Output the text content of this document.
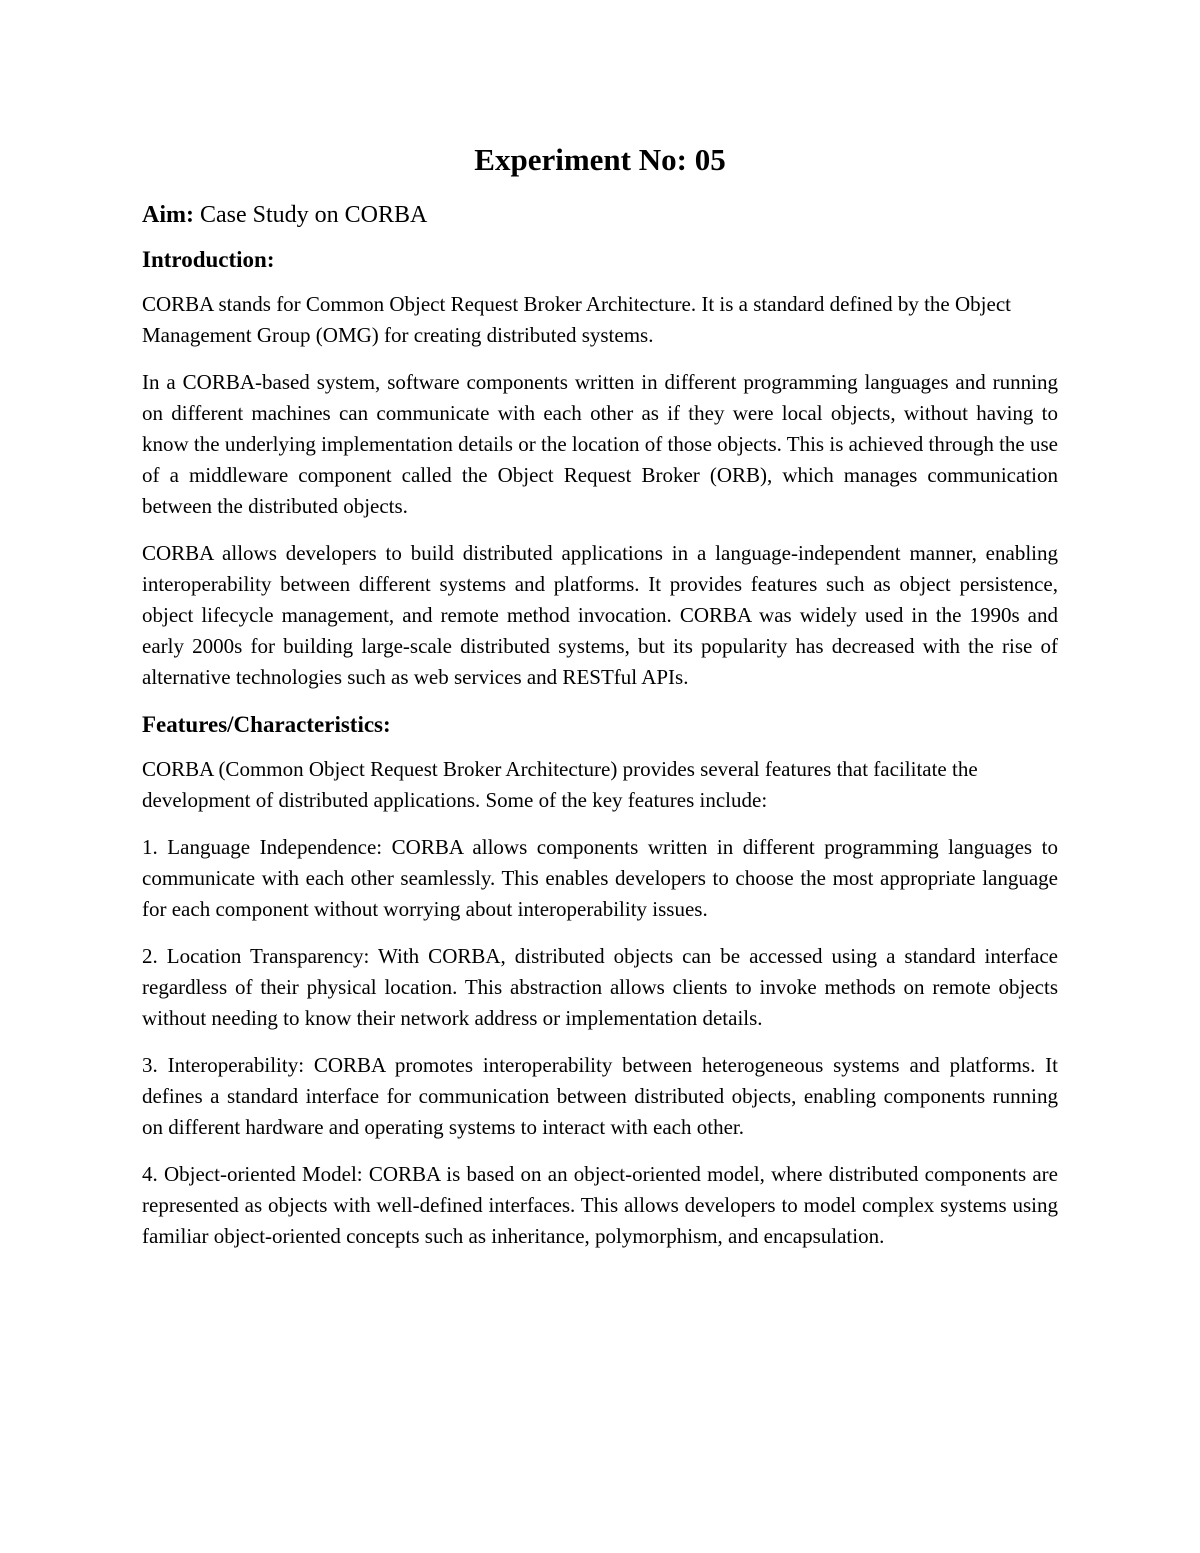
Experiment No: 05

Aim: Case Study on CORBA

Introduction:

CORBA stands for Common Object Request Broker Architecture. It is a standard defined by the Object Management Group (OMG) for creating distributed systems.

In a CORBA-based system, software components written in different programming languages and running on different machines can communicate with each other as if they were local objects, without having to know the underlying implementation details or the location of those objects. This is achieved through the use of a middleware component called the Object Request Broker (ORB), which manages communication between the distributed objects.

CORBA allows developers to build distributed applications in a language-independent manner, enabling interoperability between different systems and platforms. It provides features such as object persistence, object lifecycle management, and remote method invocation. CORBA was widely used in the 1990s and early 2000s for building large-scale distributed systems, but its popularity has decreased with the rise of alternative technologies such as web services and RESTful APIs.

Features/Characteristics:

CORBA (Common Object Request Broker Architecture) provides several features that facilitate the development of distributed applications. Some of the key features include:

1. Language Independence: CORBA allows components written in different programming languages to communicate with each other seamlessly. This enables developers to choose the most appropriate language for each component without worrying about interoperability issues.

2. Location Transparency: With CORBA, distributed objects can be accessed using a standard interface regardless of their physical location. This abstraction allows clients to invoke methods on remote objects without needing to know their network address or implementation details.

3. Interoperability: CORBA promotes interoperability between heterogeneous systems and platforms. It defines a standard interface for communication between distributed objects, enabling components running on different hardware and operating systems to interact with each other.

4. Object-oriented Model: CORBA is based on an object-oriented model, where distributed components are represented as objects with well-defined interfaces. This allows developers to model complex systems using familiar object-oriented concepts such as inheritance, polymorphism, and encapsulation.
